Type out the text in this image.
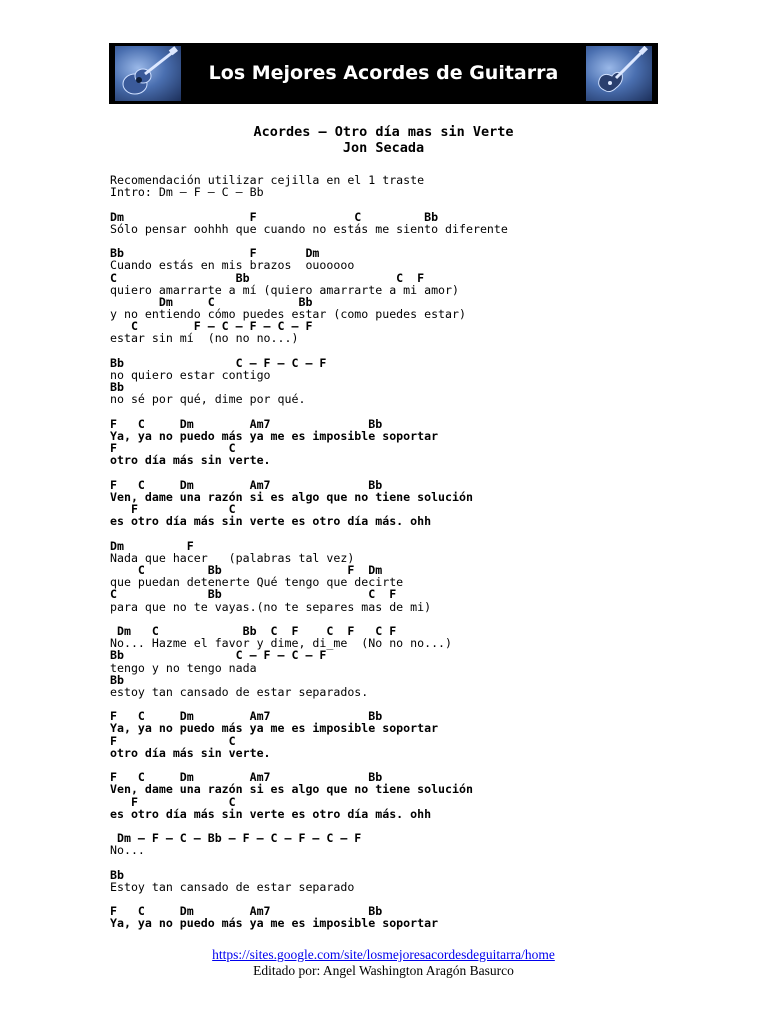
Los Mejores Acordes de Guitarra
Acordes – Otro día mas sin Verte
Jon Secada
Recomendación utilizar cejilla en el 1 traste
Intro: Dm – F – C – Bb
Dm                  F              C         Bb
Sólo pensar oohhh que cuando no estás me siento diferente
Bb                  F       Dm
Cuando estás en mis brazos  ouooooo
C                 Bb                     C  F
quiero amarrarte a mí (quiero amarrarte a mi amor)
Dm     C            Bb
y no entiendo cómo puedes estar (como puedes estar)
C        F – C – F – C – F
estar sin mí  (no no no...)
Bb                C – F – C – F
no quiero estar contigo
Bb
no sé por qué, dime por qué.
F   C     Dm        Am7              Bb
Ya, ya no puedo más ya me es imposible soportar
F                C
otro día más sin verte.
F   C     Dm        Am7              Bb
Ven, dame una razón si es algo que no tiene solución
F             C
es otro día más sin verte es otro día más. ohh
Dm         F
Nada que hacer   (palabras tal vez)
C         Bb                  F  Dm
que puedan detenerte Qué tengo que decirte
C             Bb                     C  F
para que no te vayas.(no te separes mas de mi)
Dm   C            Bb  C  F    C  F   C F
No... Hazme el favor y dime, di_me  (No no no...)
Bb                C – F – C – F
tengo y no tengo nada
Bb
estoy tan cansado de estar separados.
F   C     Dm        Am7              Bb
Ya, ya no puedo más ya me es imposible soportar
F                C
otro día más sin verte.
F   C     Dm        Am7              Bb
Ven, dame una razón si es algo que no tiene solución
F             C
es otro día más sin verte es otro día más. ohh
Dm – F – C – Bb – F – C – F – C – F
No...
Bb
Estoy tan cansado de estar separado
F   C     Dm        Am7              Bb
Ya, ya no puedo más ya me es imposible soportar
https://sites.google.com/site/losmejoresacordesdeguitarra/home
Editado por: Angel Washington Aragón Basurco
